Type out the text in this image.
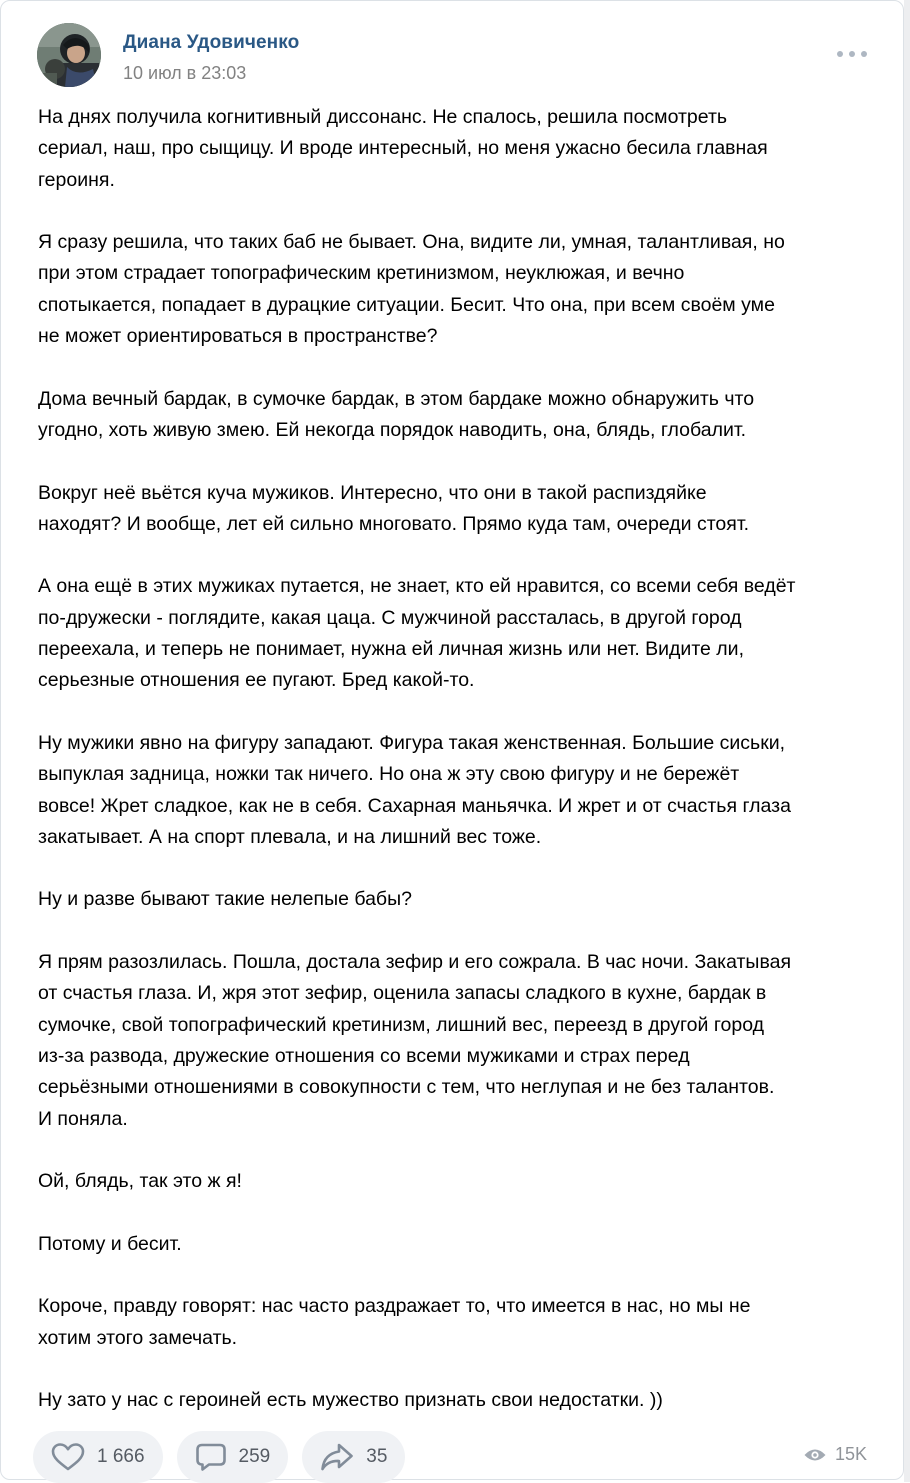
Диана Удовиченко
10 июл в 23:03

На днях получила когнитивный диссонанс. Не спалось, решила посмотреть
сериал, наш, про сыщицу. И вроде интересный, но меня ужасно бесила главная
героиня.

Я сразу решила, что таких баб не бывает. Она, видите ли, умная, талантливая, но
при этом страдает топографическим кретинизмом, неуклюжая, и вечно
спотыкается, попадает в дурацкие ситуации. Бесит. Что она, при всем своём уме
не может ориентироваться в пространстве?

Дома вечный бардак, в сумочке бардак, в этом бардаке можно обнаружить что
угодно, хоть живую змею. Ей некогда порядок наводить, она, блядь, глобалит.

Вокруг неё вьётся куча мужиков. Интересно, что они в такой распиздяйке
находят? И вообще, лет ей сильно многовато. Прямо куда там, очереди стоят.

А она ещё в этих мужиках путается, не знает, кто ей нравится, со всеми себя ведёт
по-дружески - поглядите, какая цаца. С мужчиной рассталась, в другой город
переехала, и теперь не понимает, нужна ей личная жизнь или нет. Видите ли,
серьезные отношения ее пугают. Бред какой-то.

Ну мужики явно на фигуру западают. Фигура такая женственная. Большие сиськи,
выпуклая задница, ножки так ничего. Но она ж эту свою фигуру и не бережёт
вовсе! Жрет сладкое, как не в себя. Сахарная маньячка. И жрет и от счастья глаза
закатывает. А на спорт плевала, и на лишний вес тоже.

Ну и разве бывают такие нелепые бабы?

Я прям разозлилась. Пошла, достала зефир и его сожрала. В час ночи. Закатывая
от счастья глаза. И, жря этот зефир, оценила запасы сладкого в кухне, бардак в
сумочке, свой топографический кретинизм, лишний вес, переезд в другой город
из-за развода, дружеские отношения со всеми мужиками и страх перед
серьёзными отношениями в совокупности с тем, что неглупая и не без талантов.
И поняла.

Ой, блядь, так это ж я!

Потому и бесит.

Короче, правду говорят: нас часто раздражает то, что имеется в нас, но мы не
хотим этого замечать.

Ну зато у нас с героиней есть мужество признать свои недостатки. ))

1 666	259	35	15K
